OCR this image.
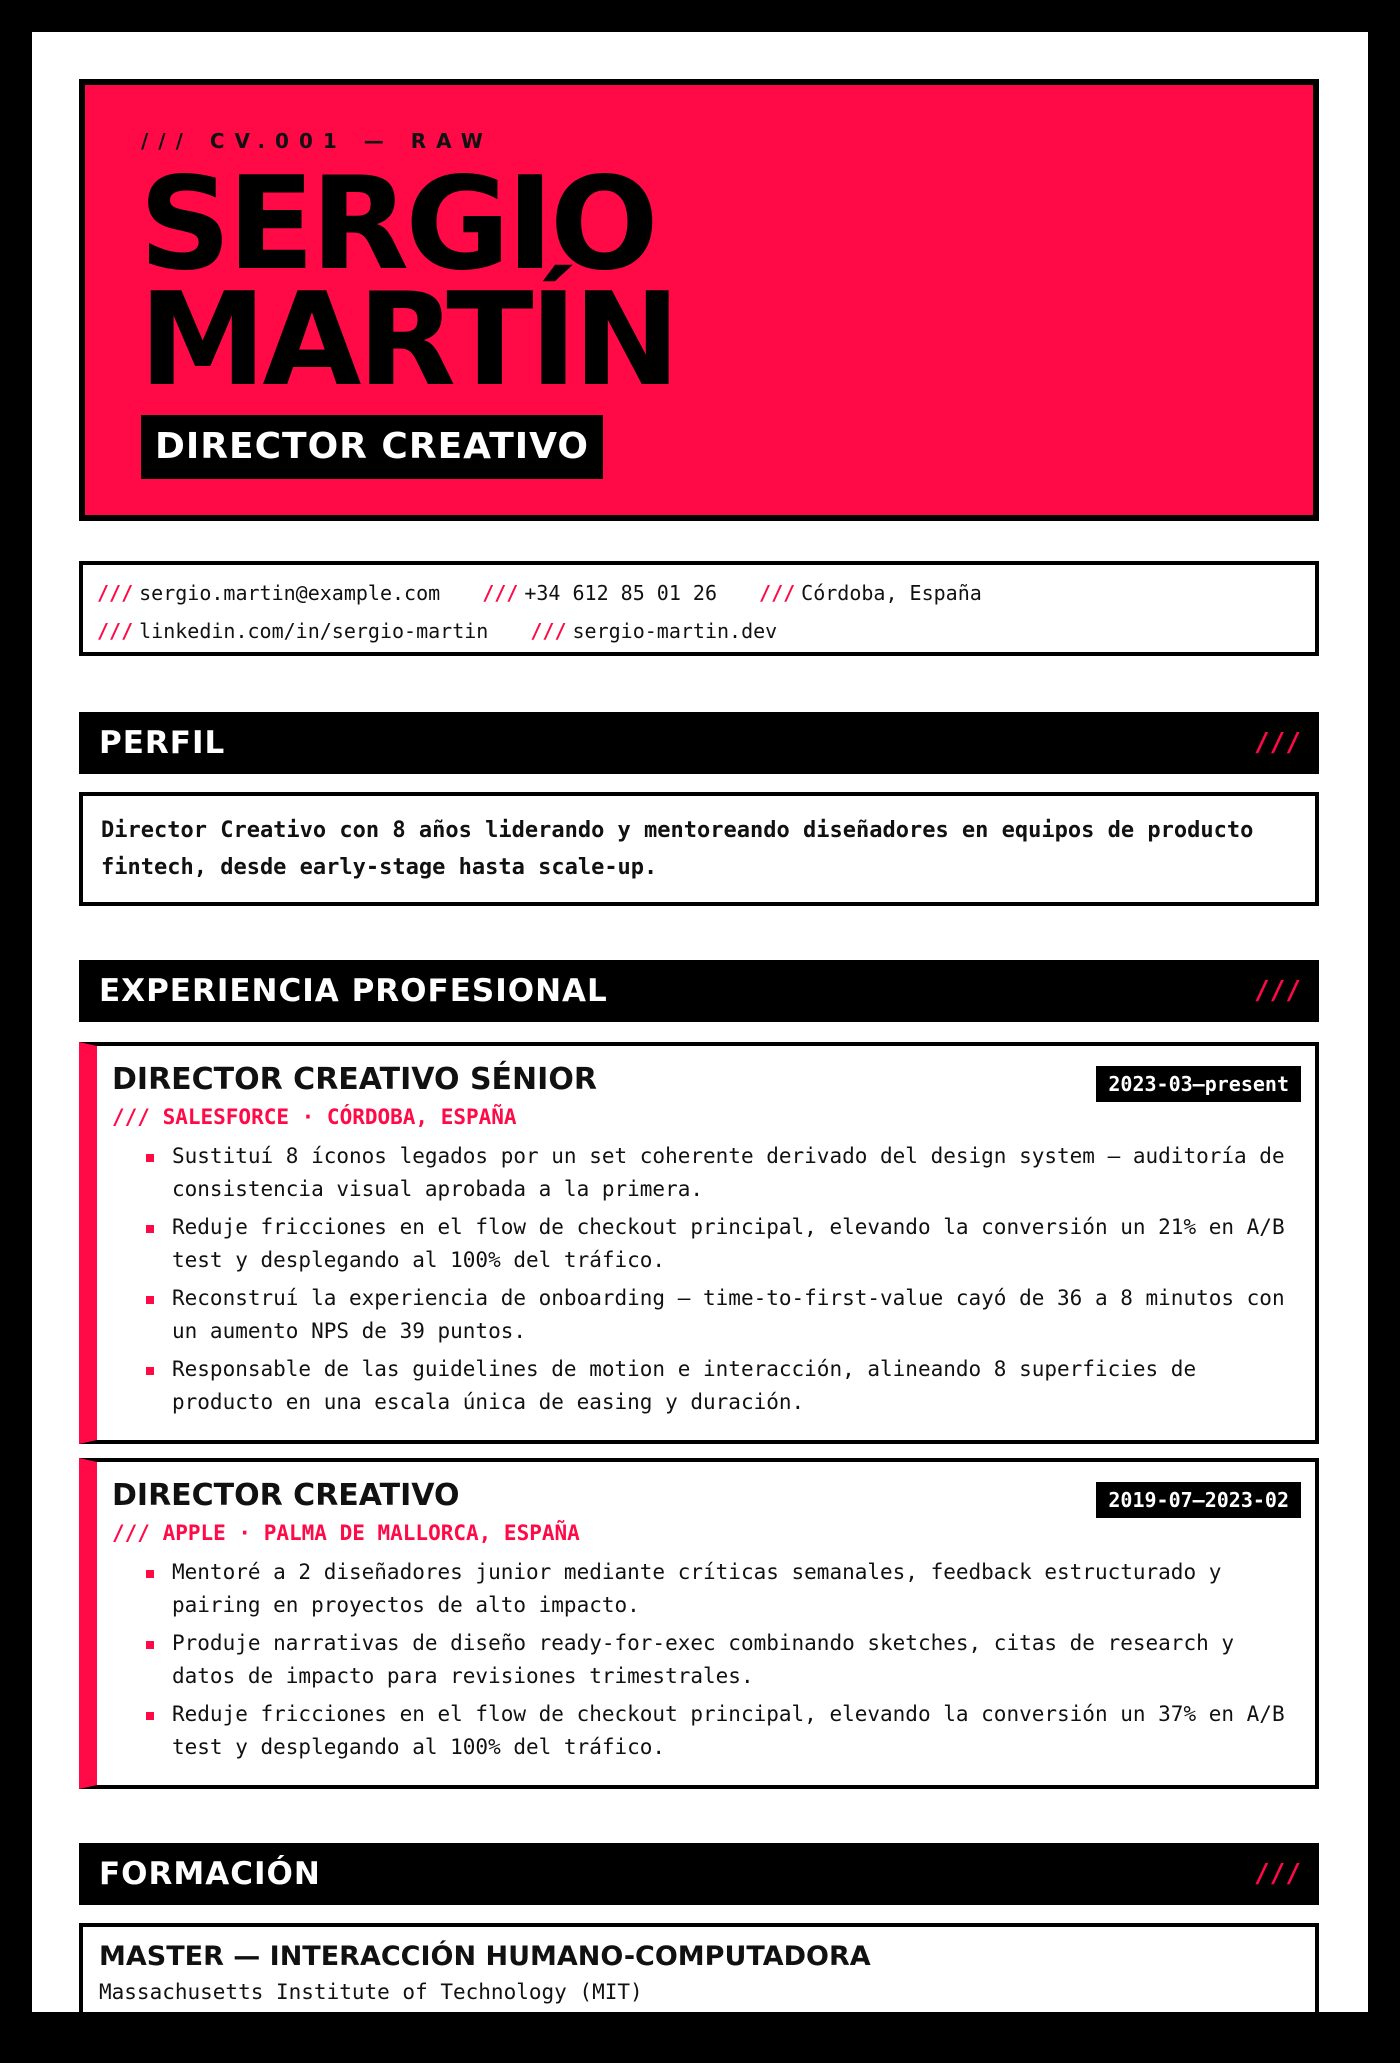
/// CV.001 — RAW
SERGIO
MARTÍN
DIRECTOR CREATIVO
/// sergio.martin@example.com /// +34 612 85 01 26 /// Córdoba, España
/// linkedin.com/in/sergio-martin /// sergio-martin.dev
PERFIL	///
Director Creativo con 8 años liderando y mentoreando diseñadores en equipos de producto fintech, desde early-stage hasta scale-up.
EXPERIENCIA PROFESIONAL	///
DIRECTOR CREATIVO SÉNIOR	2023-03—present
/// SALESFORCE · CÓRDOBA, ESPAÑA
Sustituí 8 íconos legados por un set coherente derivado del design system — auditoría de consistencia visual aprobada a la primera.
Reduje fricciones en el flow de checkout principal, elevando la conversión un 21% en A/B test y desplegando al 100% del tráfico.
Reconstruí la experiencia de onboarding — time-to-first-value cayó de 36 a 8 minutos con un aumento NPS de 39 puntos.
Responsable de las guidelines de motion e interacción, alineando 8 superficies de producto en una escala única de easing y duración.
DIRECTOR CREATIVO	2019-07—2023-02
/// APPLE · PALMA DE MALLORCA, ESPAÑA
Mentoré a 2 diseñadores junior mediante críticas semanales, feedback estructurado y pairing en proyectos de alto impacto.
Produje narrativas de diseño ready-for-exec combinando sketches, citas de research y datos de impacto para revisiones trimestrales.
Reduje fricciones en el flow de checkout principal, elevando la conversión un 37% en A/B test y desplegando al 100% del tráfico.
FORMACIÓN	///
MASTER — INTERACCIÓN HUMANO-COMPUTADORA
Massachusetts Institute of Technology (MIT)
